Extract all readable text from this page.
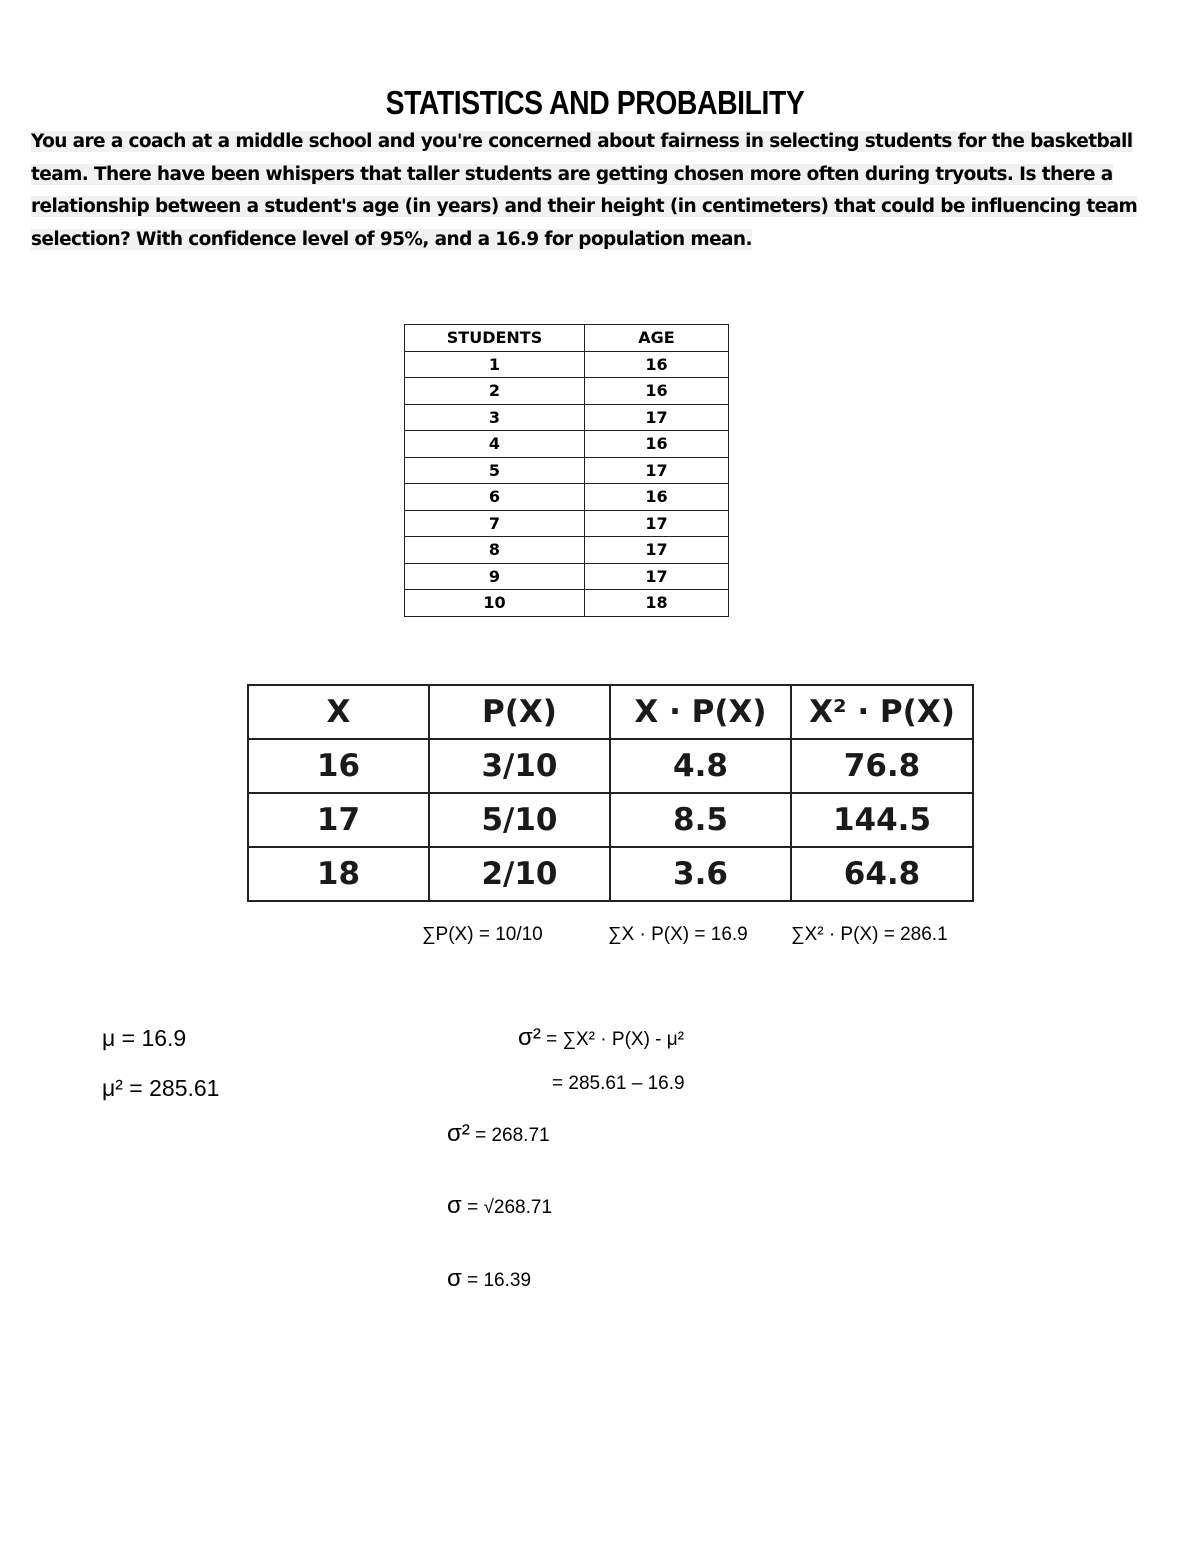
STATISTICS AND PROBABILITY
You are a coach at a middle school and you're concerned about fairness in selecting students for the basketball team. There have been whispers that taller students are getting chosen more often during tryouts. Is there a relationship between a student's age (in years) and their height (in centimeters) that could be influencing team selection? With confidence level of 95%, and a 16.9 for population mean.
STUDENTS	AGE
1	16
2	16
3	17
4	16
5	17
6	16
7	17
8	17
9	17
10	18
X	P(X)	X · P(X)	X² · P(X)
16	3/10	4.8	76.8
17	5/10	8.5	144.5
18	2/10	3.6	64.8
∑P(X) = 10/10	∑X · P(X) = 16.9 ∑X² · P(X) = 286.1
μ = 16.9
μ² = 285.61
σ² = ∑X² · P(X) - μ²
= 285.61 – 16.9
σ² = 268.71
σ = √268.71
σ = 16.39
